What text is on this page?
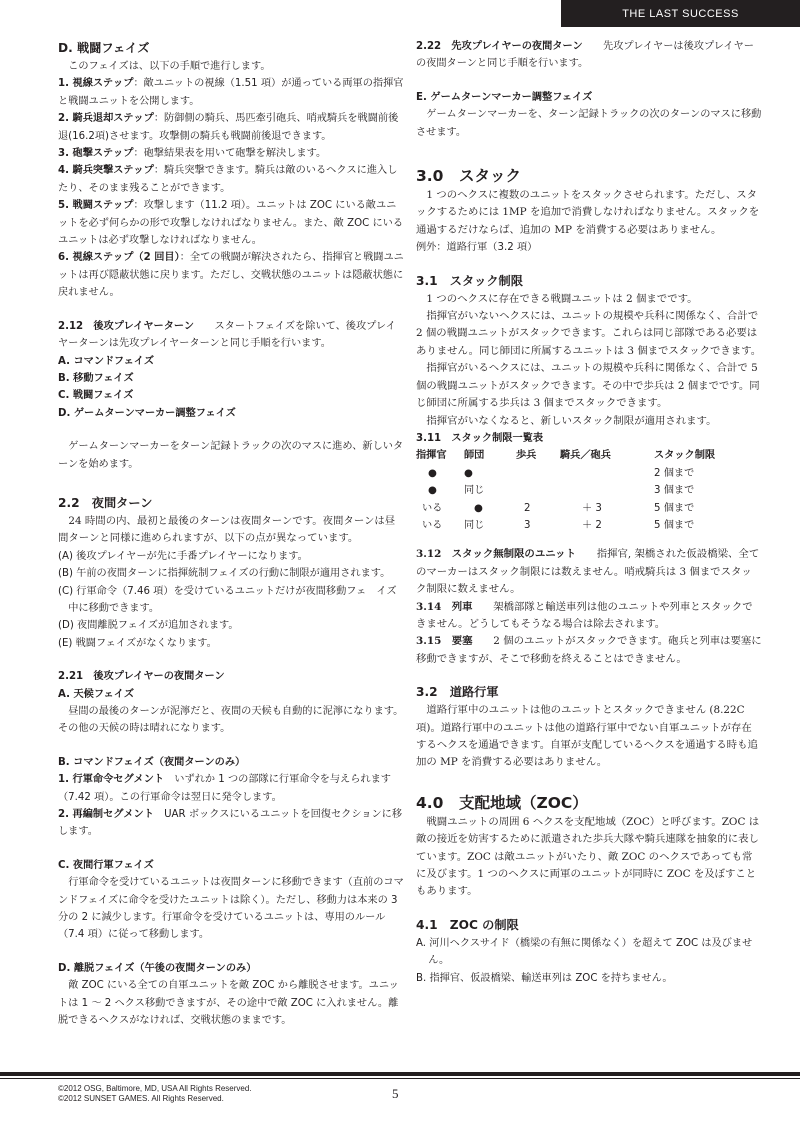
THE LAST SUCCESS

D. 戦闘フェイズ

このフェイズは、以下の手順で進行します。

1. 視線ステップ：敵ユニットの視線（1.51 項）が通っている両軍の指揮官と戦闘ユニットを公開します。

2. 騎兵退却ステップ：防御側の騎兵、馬匹牽引砲兵、哨戒騎兵を戦闘前後退(16.2項)させます。攻撃側の騎兵も戦闘前後退できます。

3. 砲撃ステップ：砲撃結果表を用いて砲撃を解決します。

4. 騎兵突撃ステップ：騎兵突撃できます。騎兵は敵のいるヘクスに進入したり、そのまま残ることができます。

5. 戦闘ステップ：攻撃します（11.2 項）。ユニットは ZOC にいる敵ユニットを必ず何らかの形で攻撃しなければなりません。また、敵 ZOC にいるユニットは必ず攻撃しなければなりません。

6. 視線ステップ（2 回目）：全ての戦闘が解決されたら、指揮官と戦闘ユニットは再び隠蔽状態に戻ります。ただし、交戦状態のユニットは隠蔽状態に戻れません。

2.12　後攻プレイヤーターン　　スタートフェイズを除いて、後攻プレイヤーターンは先攻プレイヤーターンと同じ手順を行います。

A. コマンドフェイズ

B. 移動フェイズ

C. 戦闘フェイズ

D. ゲームターンマーカー調整フェイズ

ゲームターンマーカーをターン記録トラックの次のマスに進め、新しいターンを始めます。

2.2　夜間ターン

24 時間の内、最初と最後のターンは夜間ターンです。夜間ターンは昼間ターンと同様に進められますが、以下の点が異なっています。

(A) 後攻プレイヤーが先に手番プレイヤーになります。

(B) 午前の夜間ターンに指揮統制フェイズの行動に制限が適用されます。

(C) 行軍命令（7.46 項）を受けているユニットだけが夜間移動フェ　イズ中に移動できます。

(D) 夜間離脱フェイズが追加されます。

(E) 戦闘フェイズがなくなります。

2.21　後攻プレイヤーの夜間ターン

A. 天候フェイズ

昼間の最後のターンが泥濘だと、夜間の天候も自動的に泥濘になります。その他の天候の時は晴れになります。

B. コマンドフェイズ（夜間ターンのみ）

1. 行軍命令セグメント　いずれか 1 つの部隊に行軍命令を与えられます（7.42 項）。この行軍命令は翌日に発令します。

2. 再編制セグメント　UAR ボックスにいるユニットを回復セクションに移します。

C. 夜間行軍フェイズ

行軍命令を受けているユニットは夜間ターンに移動できます（直前のコマンドフェイズに命令を受けたユニットは除く）。ただし、移動力は本来の 3 分の 2 に減少します。行軍命令を受けているユニットは、専用のルール（7.4 項）に従って移動します。

D. 離脱フェイズ（午後の夜間ターンのみ）

敵 ZOC にいる全ての自軍ユニットを敵 ZOC から離脱させます。ユニットは 1 ～ 2 ヘクス移動できますが、その途中で敵 ZOC に入れません。離脱できるヘクスがなければ、交戦状態のままです。

2.22　先攻プレイヤーの夜間ターン　　先攻プレイヤーは後攻プレイヤーの夜間ターンと同じ手順を行います。

E. ゲームターンマーカー調整フェイズ

ゲームターンマーカーを、ターン記録トラックの次のターンのマスに移動させます。

3.0　スタック

1 つのヘクスに複数のユニットをスタックさせられます。ただし、スタックするためには 1MP を追加で消費しなければなりません。スタックを通過するだけならば、追加の MP を消費する必要はありません。

例外：道路行軍（3.2 項）

3.1　スタック制限

1 つのヘクスに存在できる戦闘ユニットは 2 個までです。

指揮官がいないヘクスには、ユニットの規模や兵科に関係なく、合計で 2 個の戦闘ユニットがスタックできます。これらは同じ部隊である必要はありません。同じ師団に所属するユニットは 3 個までスタックできます。

指揮官がいるヘクスには、ユニットの規模や兵科に関係なく、合計で 5 個の戦闘ユニットがスタックできます。その中で歩兵は 2 個までです。同じ師団に所属する歩兵は 3 個までスタックできます。

指揮官がいなくなると、新しいスタック制限が適用されます。

3.11　スタック制限一覧表

指揮官	師団	歩兵	騎兵／砲兵	スタック制限
●	●			2 個まで
●	同じ			3 個まで
いる	●	2	＋ 3	5 個まで
いる	同じ	3	＋ 2	5 個まで

3.12　スタック無制限のユニット　　指揮官, 架橋された仮設橋梁、全てのマーカーはスタック制限には数えません。哨戒騎兵は 3 個までスタック制限に数えません。

3.14　列車　　架橋部隊と輸送車列は他のユニットや列車とスタックできません。どうしてもそうなる場合は除去されます。

3.15　要塞　　2 個のユニットがスタックできます。砲兵と列車は要塞に移動できますが、そこで移動を終えることはできません。

3.2　道路行軍

道路行軍中のユニットは他のユニットとスタックできません (8.22C 項)。道路行軍中のユニットは他の道路行軍中でない自軍ユニットが存在するヘクスを通過できます。自軍が支配しているヘクスを通過する時も追加の MP を消費する必要はありません。

4.0　支配地域（ZOC）

戦闘ユニットの周囲 6 ヘクスを支配地域（ZOC）と呼びます。ZOC は敵の接近を妨害するために派遣された歩兵大隊や騎兵連隊を抽象的に表しています。ZOC は敵ユニットがいたり、敵 ZOC のヘクスであっても常に及びます。1 つのヘクスに両軍のユニットが同時に ZOC を及ぼすこともあります。

4.1　ZOC の制限

A. 河川ヘクスサイド（橋梁の有無に関係なく）を超えて ZOC は及びません。

B. 指揮官、仮設橋梁、輸送車列は ZOC を持ちません。

©2012 OSG, Baltimore, MD, USA All Rights Reserved.
©2012 SUNSET GAMES. All Rights Reserved.	5
